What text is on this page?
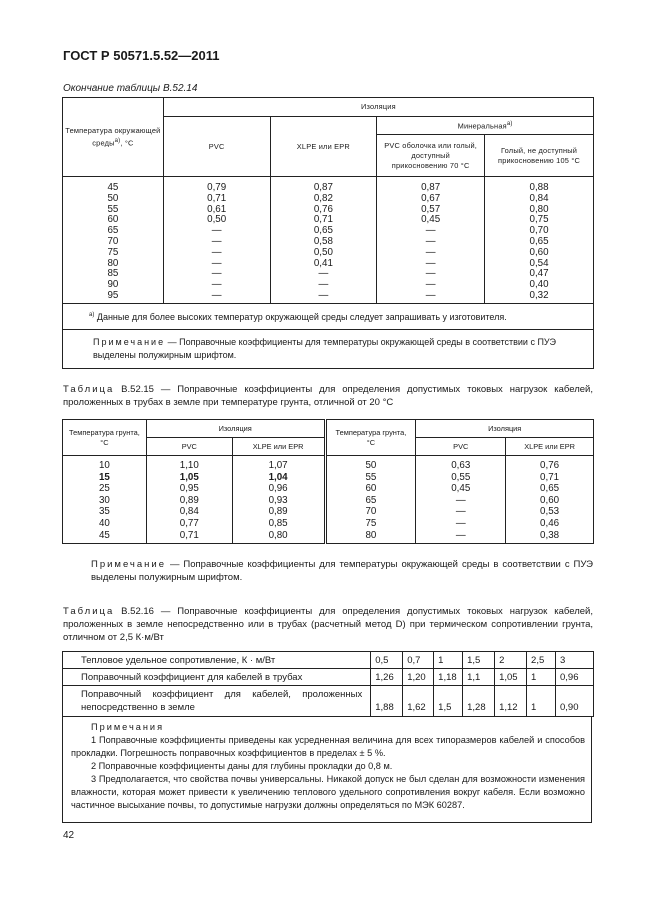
ГОСТ Р 50571.5.52—2011
Окончание таблицы В.52.14
Температура окружающей среды$^{а)}$, °C	Изоляция			
	PVC	XLPE или EPR	Минеральная$^{а)}$
			PVC оболочка или голый, доступный прикосновению 70 °C	Голый, не доступный прикосновению 105 °C
45	0,79	0,87	0,87	0,88
50	0,71	0,82	0,67	0,84
55	0,61	0,76	0,57	0,80
60	0,50	0,71	0,45	0,75
65	—	0,65	—	0,70
70	—	0,58	—	0,65
75	—	0,50	—	0,60
80	—	0,41	—	0,54
85	—	—	—	0,47
90	—	—	—	0,40
95	—	—	—	0,32
$^{а)}$ Данные для более высоких температур окружающей среды следует запрашивать у изготовителя.				
Примечание — Поправочные коэффициенты для температуры окружающей среды в соответствии с ПУЭ выделены полужирным шрифтом.				
Таблица В.52.15 — Поправочные коэффициенты для определения допустимых токовых нагрузок кабелей, проложенных в трубах в земле при температуре грунта, отличной от 20 °C
Температура грунта,
°C	Изоляция		Температура грунта,
°C	Изоляция	
	PVC	XLPE или EPR		PVC	XLPE или EPR
10	1,10	1,07	50	0,63	0,76
15	1,05	1,04	55	0,55	0,71
25	0,95	0,96	60	0,45	0,65
30	0,89	0,93	65	—	0,60
35	0,84	0,89	70	—	0,53
40	0,77	0,85	75	—	0,46
45	0,71	0,80	80	—	0,38
Примечание — Поправочные коэффициенты для температуры окружающей среды в соответствии с ПУЭ выделены полужирным шрифтом.
Таблица В.52.16 — Поправочные коэффициенты для определения допустимых токовых нагрузок кабелей, проложенных в земле непосредственно или в трубах (расчетный метод D) при термическом сопротивлении грунта, отличном от 2,5 К·м/Вт
Тепловое удельное сопротивление, К · м/Вт	0,5	0,7	1	1,5	2	2,5	3
Поправочный коэффициент для кабелей в трубах	1,26	1,20	1,18	1,1	1,05	1	0,96
Поправочный коэффициент для кабелей, проложенных непосредственно в земле	1,88	1,62	1,5	1,28	1,12	1	0,90

Примечания

1 Поправочные коэффициенты приведены как усредненная величина для всех типоразмеров кабелей и способов прокладки. Погрешность поправочных коэффициентов в пределах ± 5 %.

2 Поправочные коэффициенты даны для глубины прокладки до 0,8 м.

3 Предполагается, что свойства почвы универсальны. Никакой допуск не был сделан для возможности изменения влажности, которая может привести к увеличению теплового удельного сопротивления вокруг кабеля. Если возможно частичное высыхание почвы, то допустимые нагрузки должны определяться по МЭК 60287.

42
